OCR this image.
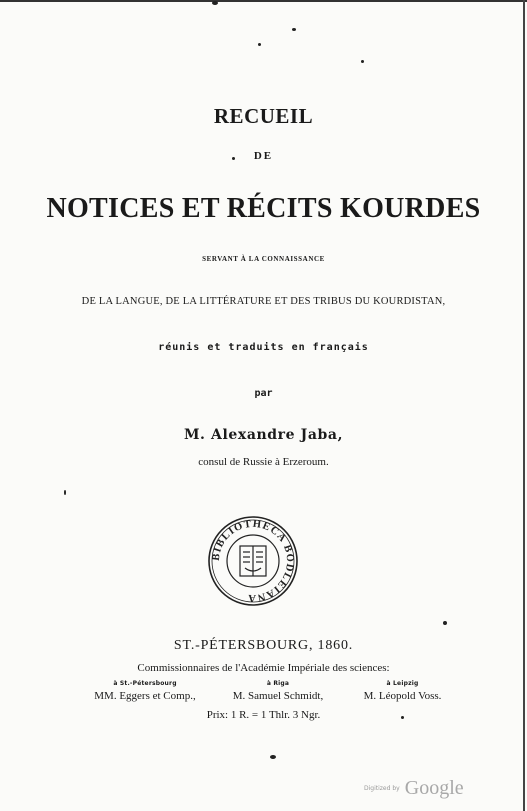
RECUEIL
DE
NOTICES ET RÉCITS KOURDES
SERVANT À LA CONNAISSANCE
DE LA LANGUE, DE LA LITTÉRATURE ET DES TRIBUS DU KOURDISTAN,
réunis et traduits en français
par
M. Alexandre Jaba,
consul de Russie à Erzeroum.
BIBLIOTHECA BODLEIANA
ST.-PÉTERSBOURG, 1860.
Commissionnaires de l'Académie Impériale des sciences:
à St.-Pétersbourg
MM. Eggers et Comp.,
à Riga
M. Samuel Schmidt,
à Leipzig
M. Léopold Voss.
Prix: 1 R. = 1 Thlr. 3 Ngr.
Digitized by Google
